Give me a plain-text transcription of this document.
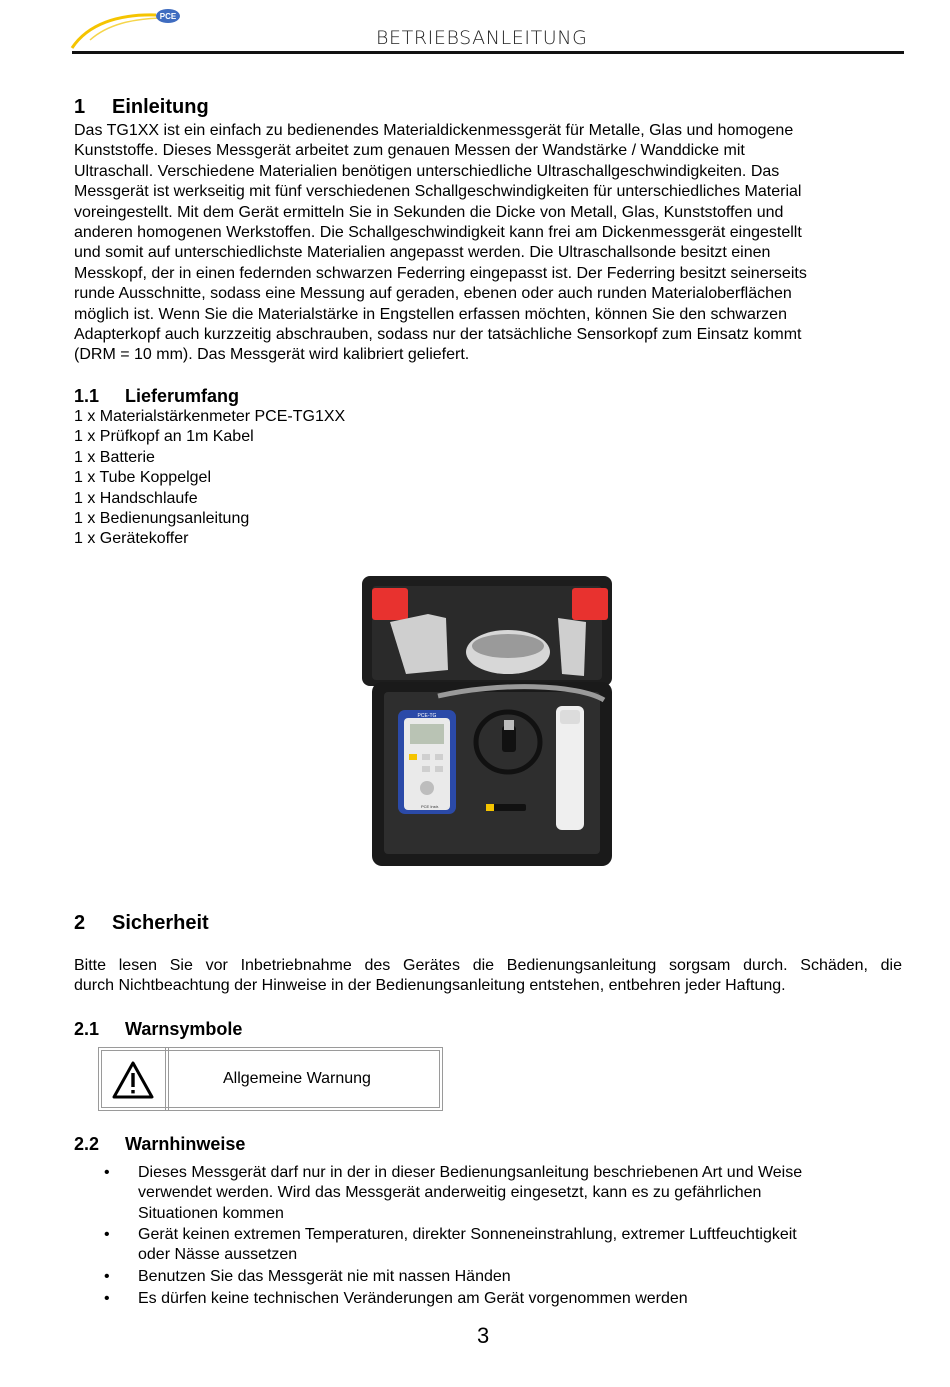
PCE
BETRIEBSANLEITUNG
1 Einleitung
Das TG1XX ist ein einfach zu bedienendes Materialdickenmessgerät für Metalle, Glas und homogene
Kunststoffe. Dieses Messgerät arbeitet zum genauen Messen der Wandstärke / Wanddicke mit
Ultraschall. Verschiedene Materialien benötigen unterschiedliche Ultraschallgeschwindigkeiten. Das
Messgerät ist werkseitig mit fünf verschiedenen Schallgeschwindigkeiten für unterschiedliches Material
voreingestellt. Mit dem Gerät ermitteln Sie in Sekunden die Dicke von Metall, Glas, Kunststoffen und
anderen homogenen Werkstoffen. Die Schallgeschwindigkeit kann frei am Dickenmessgerät eingestellt
und somit auf unterschiedlichste Materialien angepasst werden. Die Ultraschallsonde besitzt einen
Messkopf, der in einen federnden schwarzen Federring eingepasst ist. Der Federring besitzt seinerseits
runde Ausschnitte, sodass eine Messung auf geraden, ebenen oder auch runden Materialoberflächen
möglich ist. Wenn Sie die Materialstärke in Engstellen erfassen möchten, können Sie den schwarzen
Adapterkopf auch kurzzeitig abschrauben, sodass nur der tatsächliche Sensorkopf zum Einsatz kommt
(DRM = 10 mm). Das Messgerät wird kalibriert geliefert.
1.1 Lieferumfang
1 x Materialstärkenmeter PCE-TG1XX
1 x Prüfkopf an 1m Kabel
1 x Batterie
1 x Tube Koppelgel
1 x Handschlaufe
1 x Bedienungsanleitung
1 x Gerätekoffer
PCE-TG
PCE Instr.
2 Sicherheit
Bitte lesen Sie vor Inbetriebnahme des Gerätes die Bedienungsanleitung sorgsam durch. Schäden, die
durch Nichtbeachtung der Hinweise in der Bedienungsanleitung entstehen, entbehren jeder Haftung.
2.1 Warnsymbole
Allgemeine Warnung
2.2 Warnhinweise
• Dieses Messgerät darf nur in der in dieser Bedienungsanleitung beschriebenen Art und Weise
verwendet werden. Wird das Messgerät anderweitig eingesetzt, kann es zu gefährlichen
Situationen kommen
• Gerät keinen extremen Temperaturen, direkter Sonneneinstrahlung, extremer Luftfeuchtigkeit
oder Nässe aussetzen
• Benutzen Sie das Messgerät nie mit nassen Händen
• Es dürfen keine technischen Veränderungen am Gerät vorgenommen werden
3
